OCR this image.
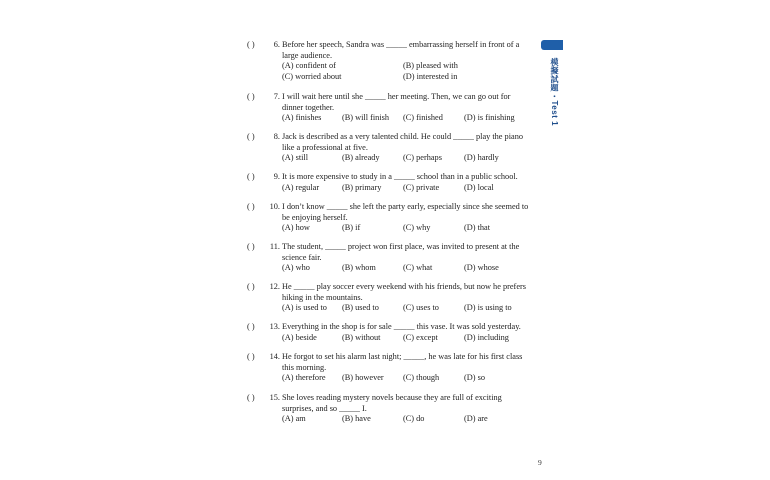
( )	6. Before her speech, Sandra was _____ embarrassing herself in front of a
large audience.
(A) confident of	(B) pleased with
(C) worried about	(D) interested in
( )	7. I will wait here until she _____ her meeting. Then, we can go out for
dinner together.
(A) finishes (B) will finish (C) finished	(D) is finishing
( )	8. Jack is described as a very talented child. He could _____ play the piano
like a professional at five.
(A) still	(B) already	(C) perhaps	(D) hardly
( )	9. It is more expensive to study in a _____ school than in a public school.
(A) regular	(B) primary	(C) private	(D) local
( )	10. I don’t know _____ she left the party early, especially since she seemed to
be enjoying herself.
(A) how	(B) if	(C) why	(D) that
( )	11. The student, _____ project won first place, was invited to present at the
science fair.
(A) who	(B) whom	(C) what	(D) whose
( )	12. He _____ play soccer every weekend with his friends, but now he prefers
hiking in the mountains.
(A) is used to (B) used to	(C) uses to	(D) is using to
( )	13. Everything in the shop is for sale _____ this vase. It was sold yesterday.
(A) beside	(B) without	(C) except	(D) including
( )	14. He forgot to set his alarm last night; _____, he was late for his first class
this morning.
(A) therefore (B) however (C) though	(D) so
( )	15. She loves reading mystery novels because they are full of exciting
surprises, and so _____ I.
(A) am	(B) have	(C) do	(D) are
模擬試題・Test 1
9
